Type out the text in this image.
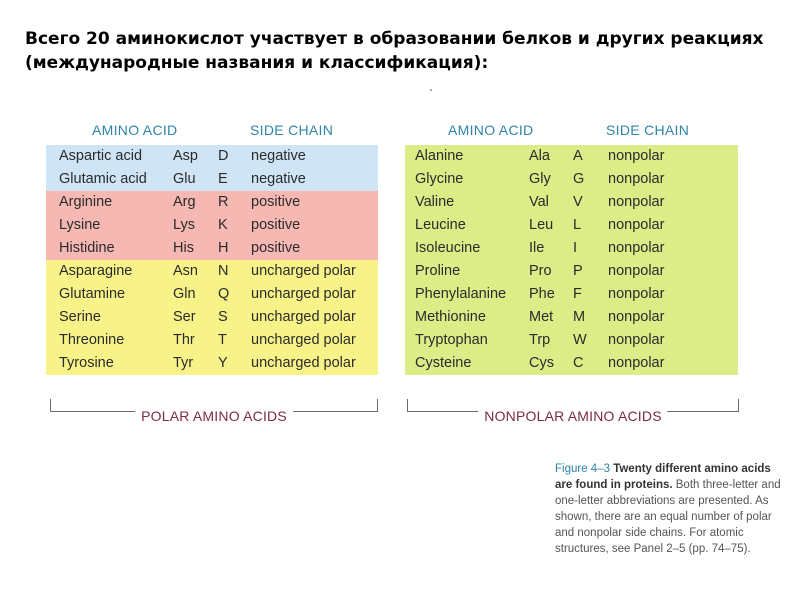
Всего 20 аминокислот участвует в образовании белков и других реакциях (международные названия и классификация):
AMINO ACID	SIDE CHAIN
Aspartic acid Asp D negative
Glutamic acid Glu E negative
Arginine	Arg R positive
Lysine	Lys K positive
Histidine	His H positive
Asparagine	Asn N uncharged polar
Glutamine	Gln Q uncharged polar
Serine	Ser S uncharged polar
Threonine	Thr T uncharged polar
Tyrosine	Tyr Y uncharged polar
POLAR AMINO ACIDS
AMINO ACID	SIDE CHAIN
Alanine	Ala A nonpolar
Glycine	Gly G nonpolar
Valine	Val V nonpolar
Leucine	Leu L nonpolar
Isoleucine	Ile I nonpolar
Proline	Pro P nonpolar
Phenylalanine Phe F nonpolar
Methionine	Met M nonpolar
Tryptophan	Trp W nonpolar
Cysteine	Cys C nonpolar
NONPOLAR AMINO ACIDS
Figure 4–3 Twenty different amino acids are found in proteins. Both three-letter and one-letter abbreviations are presented. As shown, there are an equal number of polar and nonpolar side chains. For atomic structures, see Panel 2–5 (pp. 74–75).
